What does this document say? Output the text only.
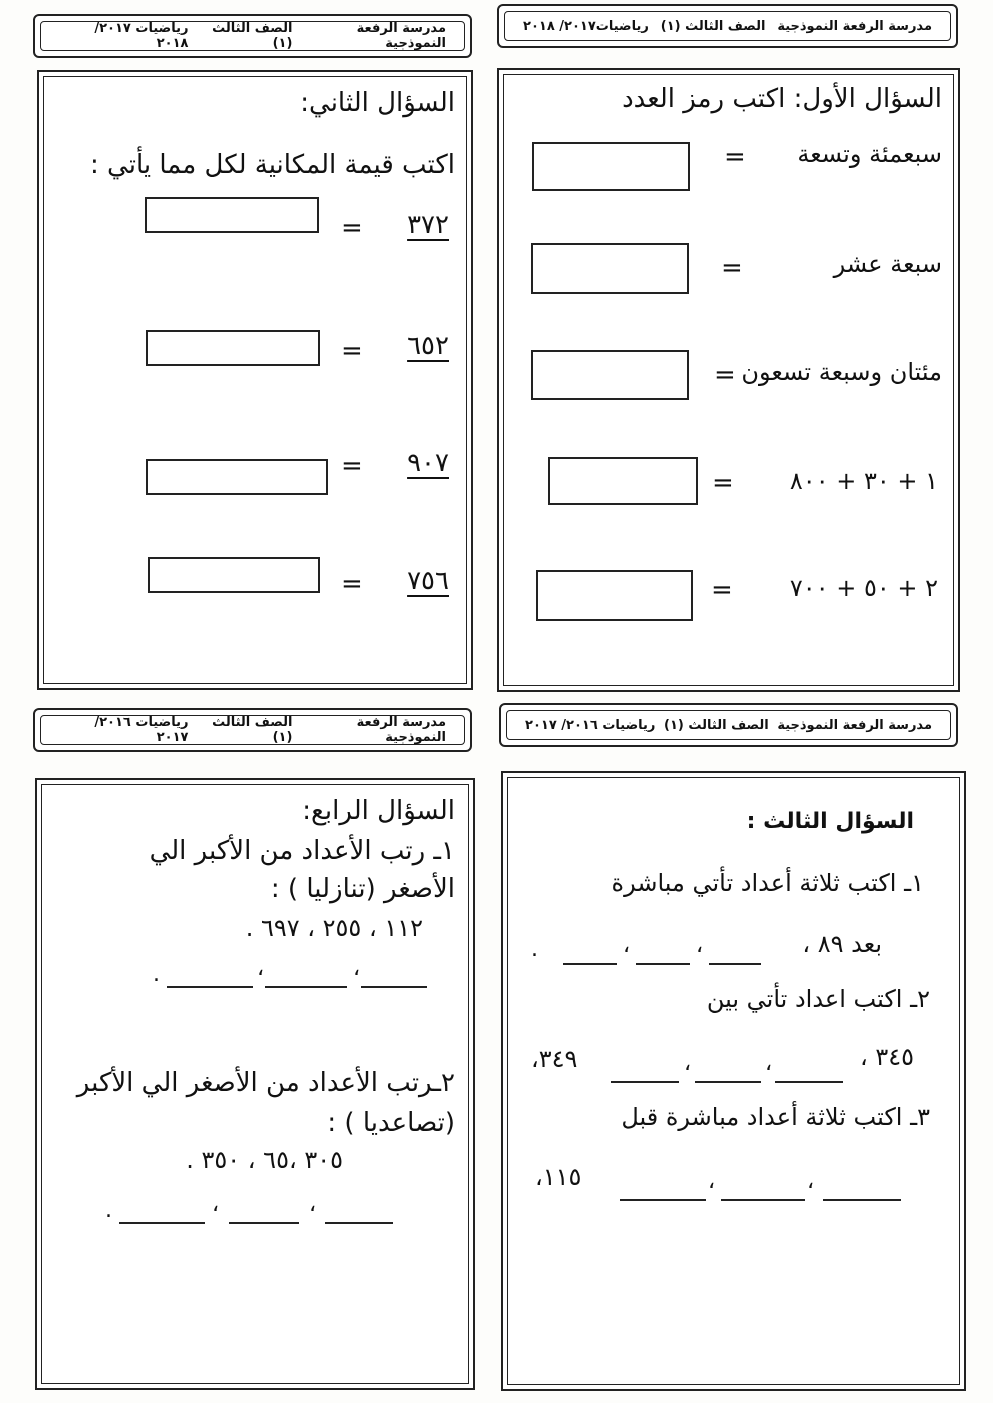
مدرسة الرفعة النموذجية
الصف الثالث (١)
رياضيات٢٠١٧/ ٢٠١٨
السؤال الأول: اكتب رمز العدد
سبعمئة وتسعة
=
سبعة عشر
=
مئتان وسبعة تسعون
=
١ + ٣٠ + ٨٠٠
=
٢ + ٥٠ + ٧٠٠
=
مدرسة الرفعة النموذجية
الصف الثالث (١)
رياضيات ٢٠١٧/ ٢٠١٨
السؤال الثاني:
اكتب قيمة المكانية لكل مما يأتي :
٣٧٢
=
٦٥٢
=
٩٠٧
=
٧٥٦
=
مدرسة الرفعة النموذجية
الصف الثالث (١)
رياضيات ٢٠١٦/ ٢٠١٧
السؤال الثالث :
١ـ اكتب ثلاثة أعداد تأتي مباشرة
بعد ٨٩ ،
،
،
.
٢ـ اكتب اعداد تأتي بين
٣٤٥ ،
،
،
٣٤٩،
٣ـ اكتب ثلاثة أعداد مباشرة قبل
،
،
١١٥،
مدرسة الرفعة النموذجية
الصف الثالث (١)
رياضيات ٢٠١٦/ ٢٠١٧
السؤال الرابع:
١ـ رتب الأعداد من الأكبر الي
الأصغر (تنازليا ) :
١١٢ ، ٢٥٥ ، ٦٩٧ .
،
،
.
٢ـرتب الأعداد من الأصغر الي الأكبر
(تصاعديا ) :
٣٠٥ ،٦٥ ، ٣٥٠ .
،
،
.
